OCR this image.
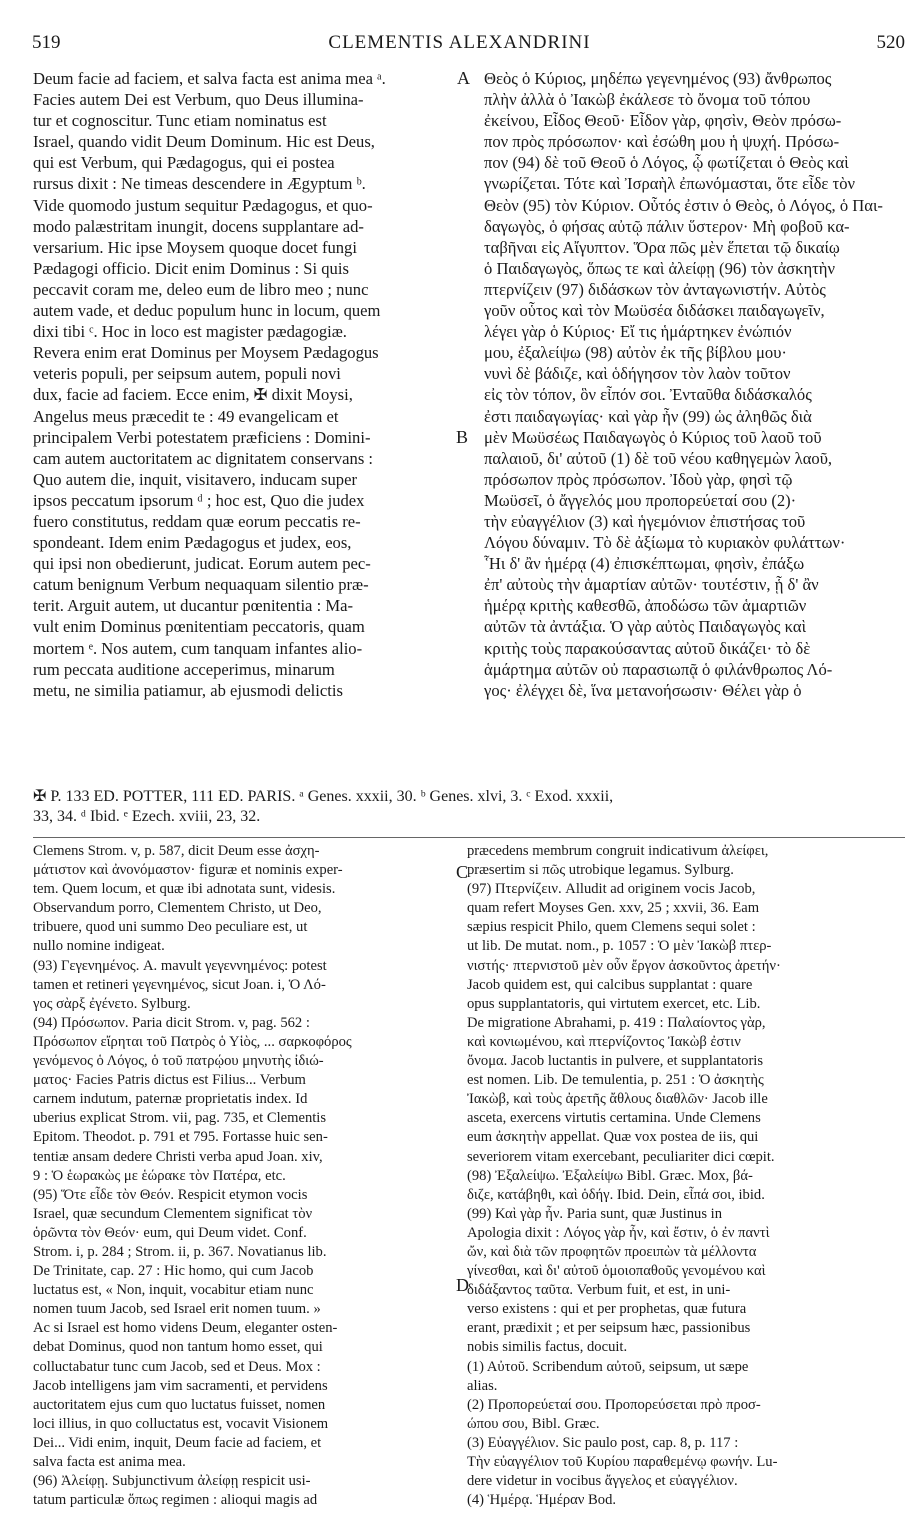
519	CLEMENTIS ALEXANDRINI	520
Deum facie ad faciem, et salva facta est anima mea ᵃ.
Facies autem Dei est Verbum, quo Deus illumina-
tur et cognoscitur. Tunc etiam nominatus est
Israel, quando vidit Deum Dominum. Hic est Deus,
qui est Verbum, qui Pædagogus, qui ei postea
rursus dixit : Ne timeas descendere in Ægyptum ᵇ.
Vide quomodo justum sequitur Pædagogus, et quo-
modo palæstritam inungit, docens supplantare ad-
versarium. Hic ipse Moysem quoque docet fungi
Pædagogi officio. Dicit enim Dominus : Si quis
peccavit coram me, deleo eum de libro meo ; nunc
autem vade, et deduc populum hunc in locum, quem
dixi tibi ᶜ. Hoc in loco est magister pædagogiæ.
Revera enim erat Dominus per Moysem Pædagogus
veteris populi, per seipsum autem, populi novi
dux, facie ad faciem. Ecce enim, ✠ dixit Moysi,
Angelus meus præcedit te : 49 evangelicam et
principalem Verbi potestatem præficiens : Domini-
cam autem auctoritatem ac dignitatem conservans :
Quo autem die, inquit, visitavero, inducam super
ipsos peccatum ipsorum ᵈ ; hoc est, Quo die judex
fuero constitutus, reddam quæ eorum peccatis re-
spondeant. Idem enim Pædagogus et judex, eos,
qui ipsi non obedierunt, judicat. Eorum autem pec-
catum benignum Verbum nequaquam silentio præ-
terit. Arguit autem, ut ducantur pœnitentia : Ma-
vult enim Dominus pœnitentiam peccatoris, quam
mortem ᵉ. Nos autem, cum tanquam infantes alio-
rum peccata auditione acceperimus, minarum
metu, ne similia patiamur, ab ejusmodi delictis
Θεὸς ὁ Κύριος, μηδέπω γεγενημένος (93) ἄνθρωπος
πλὴν ἀλλὰ ὁ Ἰακὼβ ἐκάλεσε τὸ ὄνομα τοῦ τόπου
ἐκείνου, Εἶδος Θεοῦ· Εἶδον γὰρ, φησὶν, Θεὸν πρόσω-
πον πρὸς πρόσωπον· καὶ ἐσώθη μου ἡ ψυχή. Πρόσω-
πον (94) δὲ τοῦ Θεοῦ ὁ Λόγος, ᾧ φωτίζεται ὁ Θεὸς καὶ
γνωρίζεται. Τότε καὶ Ἰσραὴλ ἐπωνόμασται, ὅτε εἶδε τὸν
Θεὸν (95) τὸν Κύριον. Οὗτός ἐστιν ὁ Θεὸς, ὁ Λόγος, ὁ Παι-
δαγωγὸς, ὁ φήσας αὐτῷ πάλιν ὕστερον· Μὴ φοβοῦ κα-
ταβῆναι εἰς Αἴγυπτον. Ὅρα πῶς μὲν ἕπεται τῷ δικαίῳ
ὁ Παιδαγωγὸς, ὅπως τε καὶ ἀλείφῃ (96) τὸν ἀσκητὴν
πτερνίζειν (97) διδάσκων τὸν ἀνταγωνιστήν. Αὐτὸς
γοῦν οὗτος καὶ τὸν Μωϋσέα διδάσκει παιδαγωγεῖν,
λέγει γὰρ ὁ Κύριος· Εἴ τις ἡμάρτηκεν ἐνώπιόν
μου, ἐξαλείψω (98) αὐτὸν ἐκ τῆς βίβλου μου·
νυνὶ δὲ βάδιζε, καὶ ὁδήγησον τὸν λαὸν τοῦτον
εἰς τὸν τόπον, ὃν εἶπόν σοι. Ἐνταῦθα διδάσκαλός
ἐστι παιδαγωγίας· καὶ γὰρ ἦν (99) ὡς ἀληθῶς διὰ
μὲν Μωϋσέως Παιδαγωγὸς ὁ Κύριος τοῦ λαοῦ τοῦ
παλαιοῦ, δι' αὐτοῦ (1) δὲ τοῦ νέου καθηγεμὼν λαοῦ,
πρόσωπον πρὸς πρόσωπον. Ἰδοὺ γὰρ, φησὶ τῷ
Μωϋσεῖ, ὁ ἄγγελός μου προπορεύεταί σου (2)·
τὴν εὐαγγέλιον (3) καὶ ἡγεμόνιον ἐπιστήσας τοῦ
Λόγου δύναμιν. Τὸ δὲ ἀξίωμα τὸ κυριακὸν φυλάττων·
Ἧι δ' ἂν ἡμέρᾳ (4) ἐπισκέπτωμαι, φησὶν, ἐπάξω
ἐπ' αὐτοὺς τὴν ἁμαρτίαν αὐτῶν· τουτέστιν, ᾗ δ' ἂν
ἡμέρᾳ κριτὴς καθεσθῶ, ἀποδώσω τῶν ἁμαρτιῶν
αὐτῶν τὰ ἀντάξια. Ὁ γὰρ αὐτὸς Παιδαγωγὸς καὶ
κριτὴς τοὺς παρακούσαντας αὐτοῦ δικάζει· τὸ δὲ
ἁμάρτημα αὐτῶν οὐ παρασιωπᾷ ὁ φιλάνθρωπος Λό-
γος· ἐλέγχει δὲ, ἵνα μετανοήσωσιν· Θέλει γὰρ ὁ
A
B
C
D
✠ P. 133 ED. POTTER, 111 ED. PARIS. ᵃ Genes. xxxii, 30. ᵇ Genes. xlvi, 3. ᶜ Exod. xxxii,
33, 34. ᵈ Ibid. ᵉ Ezech. xviii, 23, 32.
Clemens Strom. v, p. 587, dicit Deum esse ἀσχη-
μάτιστον καὶ ἀνονόμαστον· figuræ et nominis exper-
tem. Quem locum, et quæ ibi adnotata sunt, videsis.
Observandum porro, Clementem Christo, ut Deo,
tribuere, quod uni summo Deo peculiare est, ut
nullo nomine indigeat.
(93) Γεγενημένος. A. mavult γεγεννημένος: potest
tamen et retineri γεγενημένος, sicut Joan. i, Ὁ Λό-
γος σὰρξ ἐγένετο. Sylburg.
(94) Πρόσωπον. Paria dicit Strom. v, pag. 562 :
Πρόσωπον εἴρηται τοῦ Πατρὸς ὁ Υἱὸς, ... σαρκοφόρος
γενόμενος ὁ Λόγος, ὁ τοῦ πατρῴου μηνυτὴς ἰδιώ-
ματος· Facies Patris dictus est Filius... Verbum
carnem indutum, paternæ proprietatis index. Id
uberius explicat Strom. vii, pag. 735, et Clementis
Epitom. Theodot. p. 791 et 795. Fortasse huic sen-
tentiæ ansam dedere Christi verba apud Joan. xiv,
9 : Ὁ ἑωρακὼς με ἑώρακε τὸν Πατέρα, etc.
(95) Ὅτε εἶδε τὸν Θεόν. Respicit etymon vocis
Israel, quæ secundum Clementem significat τὸν
ὁρῶντα τὸν Θεόν· eum, qui Deum videt. Conf.
Strom. i, p. 284 ; Strom. ii, p. 367. Novatianus lib.
De Trinitate, cap. 27 : Hic homo, qui cum Jacob
luctatus est, « Non, inquit, vocabitur etiam nunc
nomen tuum Jacob, sed Israel erit nomen tuum. »
Ac si Israel est homo videns Deum, eleganter osten-
debat Dominus, quod non tantum homo esset, qui
colluctabatur tunc cum Jacob, sed et Deus. Mox :
Jacob intelligens jam vim sacramenti, et pervidens
auctoritatem ejus cum quo luctatus fuisset, nomen
loci illius, in quo colluctatus est, vocavit Visionem
Dei... Vidi enim, inquit, Deum facie ad faciem, et
salva facta est anima mea.
(96) Ἀλείφῃ. Subjunctivum ἀλείφῃ respicit usi-
tatum particulæ ὅπως regimen : alioqui magis ad
præcedens membrum congruit indicativum ἀλείφει,
præsertim si πῶς utrobique legamus. Sylburg.
(97) Πτερνίζειν. Alludit ad originem vocis Jacob,
quam refert Moyses Gen. xxv, 25 ; xxvii, 36. Eam
sæpius respicit Philo, quem Clemens sequi solet :
ut lib. De mutat. nom., p. 1057 : Ὁ μὲν Ἰακὼβ πτερ-
νιστής· πτερνιστοῦ μὲν οὖν ἔργον ἀσκοῦντος ἀρετήν·
Jacob quidem est, qui calcibus supplantat : quare
opus supplantatoris, qui virtutem exercet, etc. Lib.
De migratione Abrahami, p. 419 : Παλαίοντος γὰρ,
καὶ κονιωμένου, καὶ πτερνίζοντος Ἰακὼβ ἐστιν
ὄνομα. Jacob luctantis in pulvere, et supplantatoris
est nomen. Lib. De temulentia, p. 251 : Ὁ ἀσκητὴς
Ἰακὼβ, καὶ τοὺς ἀρετῆς ἄθλους διαθλῶν· Jacob ille
asceta, exercens virtutis certamina. Unde Clemens
eum ἀσκητὴν appellat. Quæ vox postea de iis, qui
severiorem vitam exercebant, peculiariter dici cœpit.
(98) Ἐξαλείψω. Ἐξαλείψω Bibl. Græc. Mox, βά-
διζε, κατάβηθι, καὶ ὁδήγ. Ibid. Dein, εἶπά σοι, ibid.
(99) Καὶ γὰρ ἦν. Paria sunt, quæ Justinus in
Apologia dixit : Λόγος γὰρ ἦν, καὶ ἔστιν, ὁ ἐν παντὶ
ὤν, καὶ διὰ τῶν προφητῶν προειπὼν τὰ μέλλοντα
γίνεσθαι, καὶ δι' αὐτοῦ ὁμοιοπαθοῦς γενομένου καὶ
διδάξαντος ταῦτα. Verbum fuit, et est, in uni-
verso existens : qui et per prophetas, quæ futura
erant, prædixit ; et per seipsum hæc, passionibus
nobis similis factus, docuit.
(1) Αὐτοῦ. Scribendum αὐτοῦ, seipsum, ut sæpe
alias.
(2) Προπορεύεταί σου. Προπορεύσεται πρὸ προσ-
ώπου σου, Bibl. Græc.
(3) Εὐαγγέλιον. Sic paulo post, cap. 8, p. 117 :
Τὴν εὐαγγέλιον τοῦ Κυρίου παραθεμένῳ φωνήν. Lu-
dere videtur in vocibus ἄγγελος et εὐαγγέλιον.
(4) Ἡμέρᾳ. Ἡμέραν Bod.
